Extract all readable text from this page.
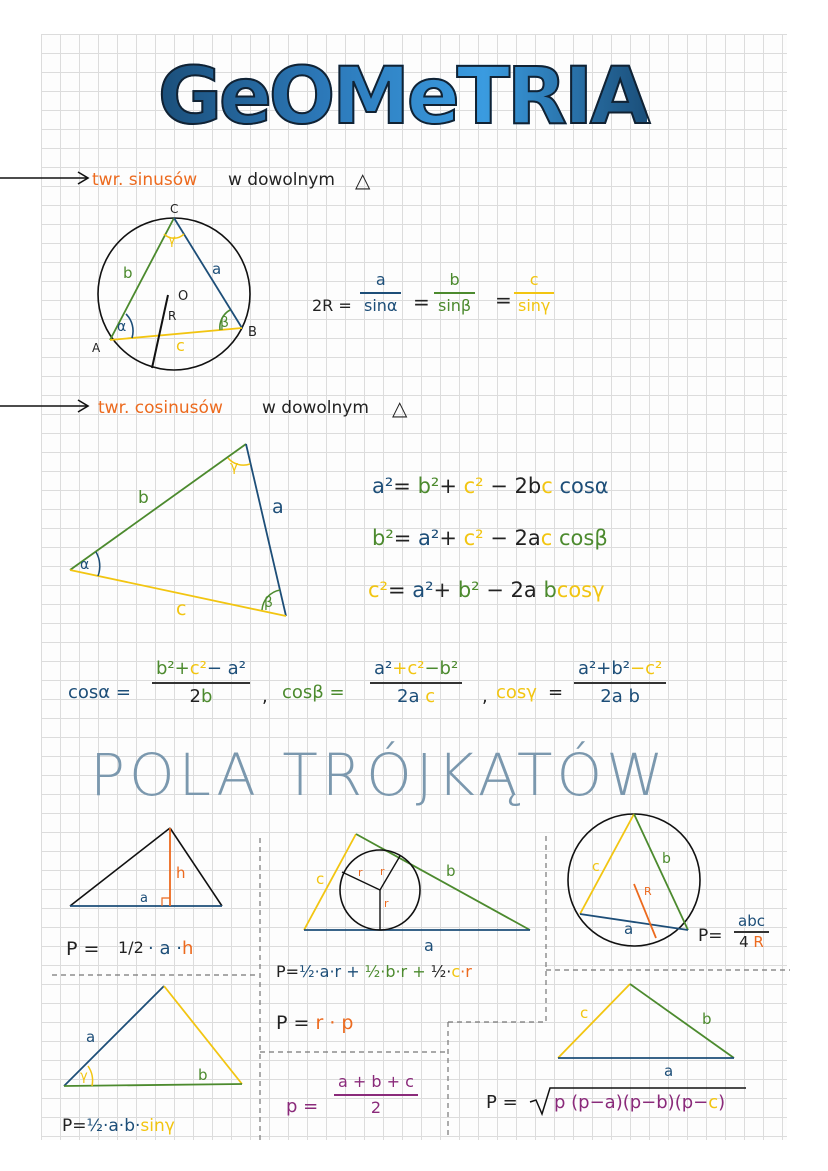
GeOMeTRIA
twr. sinusów w dowolnym △
C
A
B
O
R
b	a
c
α	β
γ
2R =
a
sinα =
b
sinβ =
c
sinγ
twr. cosinusów w dowolnym △
b	a
c
α
β
γ
a²= b²+ c² − 2bc cosα
b²= a²+ c² − 2ac cosβ
c²= a²+ b² − 2a bcosγ
cosα =
b²+c²− a²
2b	, cosβ =
a²+c²−b²
2a c	, cosγ =
a²+b²−c²
2a b
POLA TRÓJKĄTÓW
a
h
P = 1/2 · a · h	a
b
c	r r
r
P=½·a·r + ½·b·r + ½·c·r
P = r · p
c	b
a
R
P=
abc
4 R
a
b
γ
P=½·a·b·sinγ
p =
a + b + c
2
c	b
a
P = p (p−a)(p−b)(p−c)
